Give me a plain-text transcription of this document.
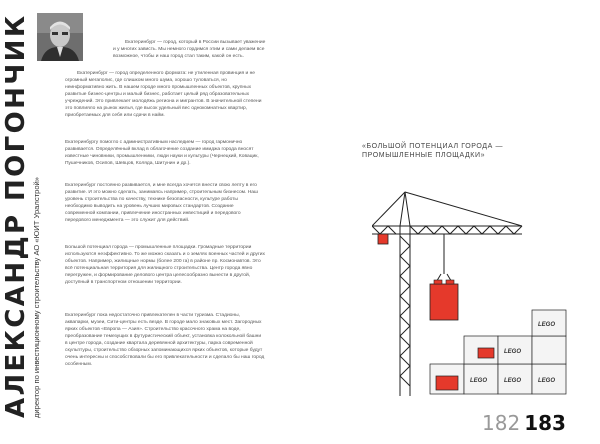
АЛЕКСАНДР ПОГОНЧИК директор по инвестиционному строительству АО «ЮИТ Уралстрой»

Екатеринбург — город, который в России вызывает уважение и у многих зависть. Мы немного гордимся этим и сами делаем все возможное, чтобы и наш город стал таким, какой он есть.

Екатеринбург — город определенного формата: не утиленная провинция и не огромный мегаполис, где слишком много шума, хорошо туловаться, но неинформативно жить. В нашем городе много промышленных объектов, крупных развитые бизнес-центры и малый бизнес, работает целый ряд образовательных учреждений. Это привлекает молодёжь региона и мигрантов. В значительной степени это повлияло на рынок жилья, где высок удельный вес однокомнатных квартир, приобретаемых для себя или сдачи в найм.

Екатеринбургу помогло с административным наследием — город гармонично развивается. Определённый вклад в облагочение создание имиджа города вносят известные чиновники, промышленники, люди науки и культуры (Чернецкий, Ковацик, Пушечников, Осипов, Шевцов, Коляда, Шитунин и др.).

Екатеринбург постоянно развивается, и мне всегда хочется внести свою лепту в его развитие. И это можно сделать, занимаясь например, строительным бизнесом. Наш уровень строительства по качеству, технике безопасности, культуре работы необходимо выводить на уровень лучших мировых стандартов. Создание современной компании, привлечение иностранных инвестиций и передового передового менеджмента — это служит для действий.

Большой потенциал города — промышленные площадки. Громадные территории используются неэффективно. То же можно сказать и о землях военных частей и других объектов. Например, жилищные нормы (более 200 га) в районе пр. Космонавтов. Это всё потенциальная территория для жилищного строительства. Центр города явно перегружен, и формирование делового центра целесообразно вынести в другой, доступный в транспортном отношении территории.

Екатеринбург пока недостаточно привлекателен в части туризма. Стадионы, аквапарки, музеи, Сити-центры есть везде. В городе мало знаковых мест. Загородных ярких объектов «Европа — Азия». Строительство красочного храма на воде, преобразование темезущих в футуристический объект, установка колокольной башни в центре города, создание квартала деревянной архитектуры, парка современной скульптуры, строительство обзорных запоминающихся ярких объектов, которые будут очень интересны и способствовали бы его привлекательности и сделало бы наш город особенным.

«БОЛЬШОЙ ПОТЕНЦИАЛ ГОРОДА — ПРОМЫШЛЕННЫЕ ПЛОЩАДКИ»
LEGO	LEGO	LEGO
LEGO
LEGO
182 183
